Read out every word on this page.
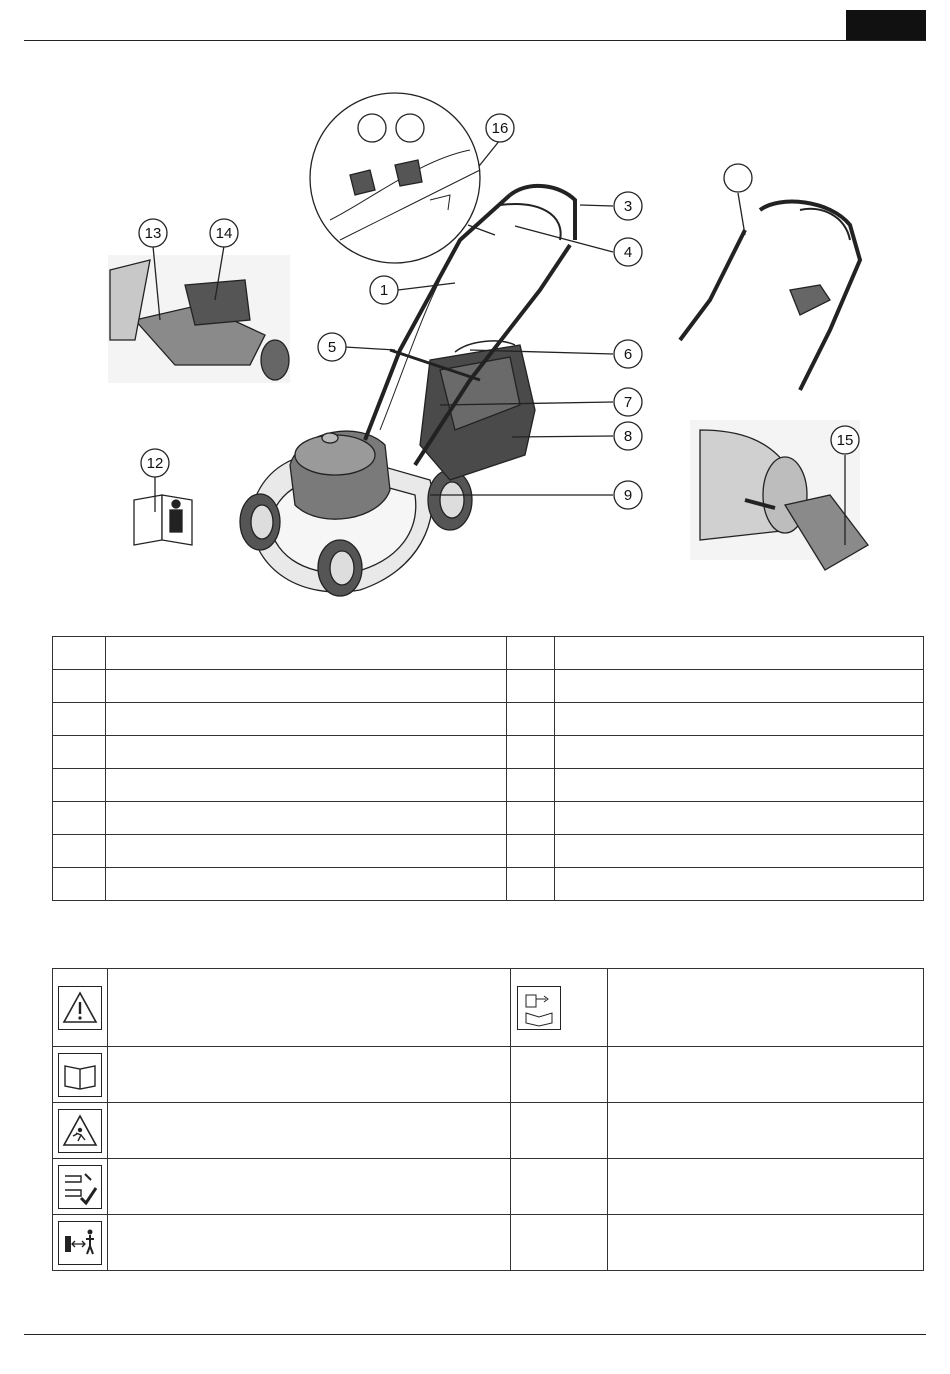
1
3
4
5	6
7
8
9
12
13	14
15
16
